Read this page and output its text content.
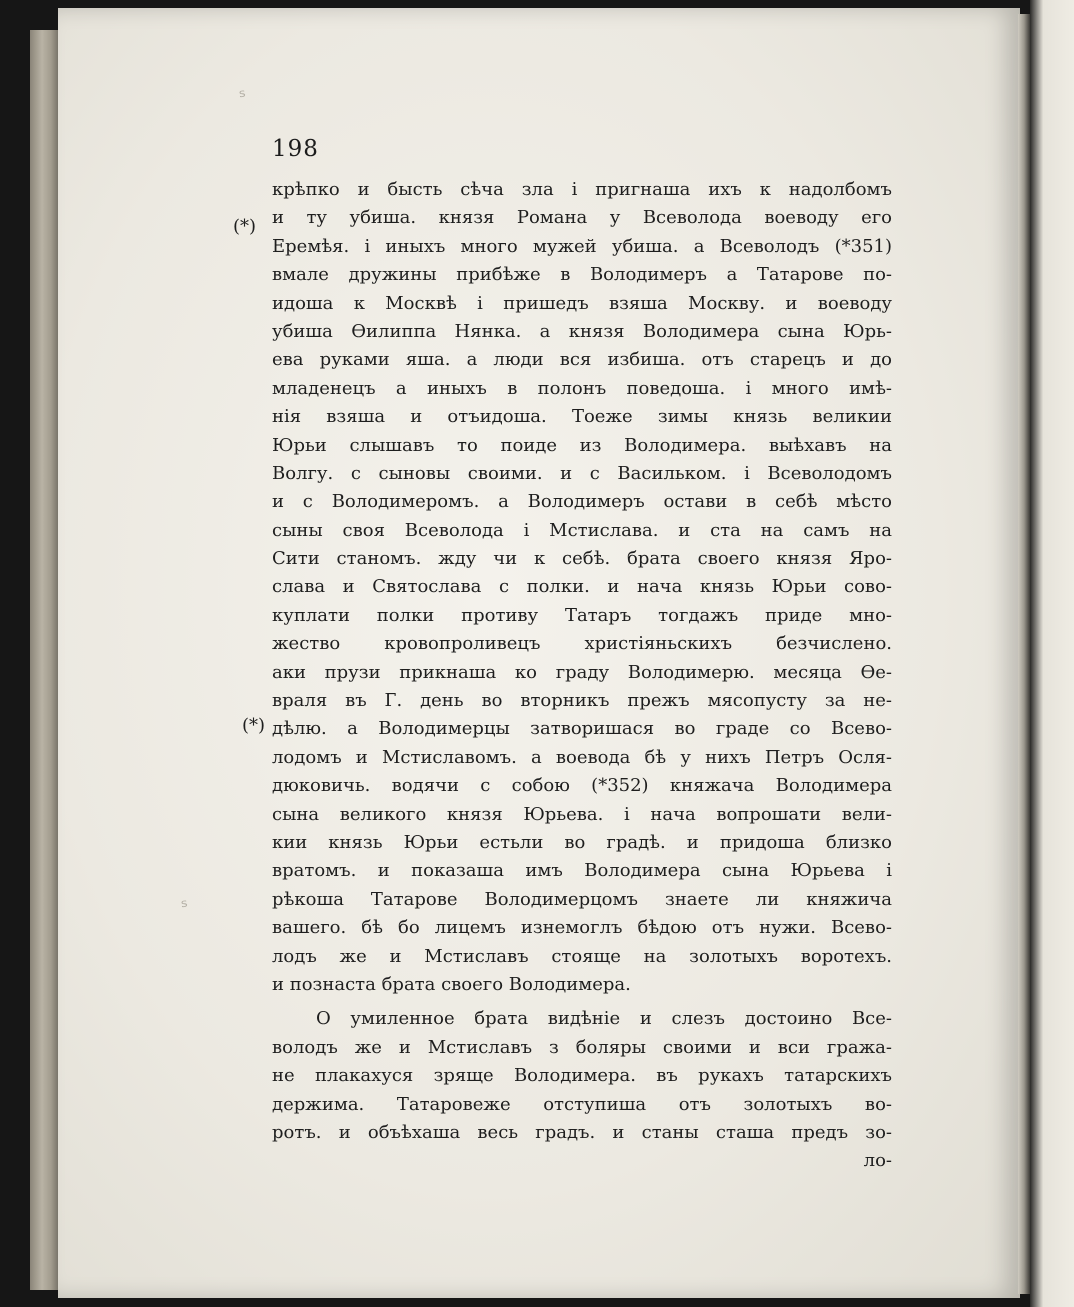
198
(*)
(*)
крѣпко и бысть сѣча зла і пригнаша ихъ к надолбомъ
и ту убиша. князя Романа у Всеволода воеводу его
Еремѣя. і иныхъ много мужей убиша. а Всеволодъ (*351)
вмале дружины прибѣже в Володимеръ а Татарове по-
идоша к Москвѣ і пришедъ взяша Москву. и воеводу
убиша Ѳилиппа Нянка. а князя Володимера сына Юрь-
ева руками яша. а люди вся избиша. отъ старецъ и до
младенецъ а иныхъ в полонъ поведоша. і много имѣ-
нія взяша и отъидоша. Тоеже зимы князь великии
Юрьи слышавъ то поиде из Володимера. выѣхавъ на
Волгу. с сыновы своими. и с Васильком. і Всеволодомъ
и с Володимеромъ. а Володимеръ остави в себѣ мѣсто
сыны своя Всеволода і Мстислава. и ста на самъ на
Сити станомъ. жду чи к себѣ. брата своего князя Яро-
слава и Святослава с полки. и нача князь Юрьи сово-
куплати полки противу Татаръ тогдажъ приде мно-
жество кровопроливецъ христіяньскихъ безчислено.
аки прузи прикнаша ко граду Володимерю. месяца Ѳе-
враля въ Г. день во вторникъ прежъ мясопусту за не-
дѣлю. а Володимерцы затворишася во граде со Всево-
лодомъ и Мстиславомъ. а воевода бѣ у нихъ Петръ Осля-
дюковичь. водячи с собою (*352) княжача Володимера
сына великого князя Юрьева. і нача вопрошати вели-
кии князь Юрьи естьли во градѣ. и придоша близко
вратомъ. и показаша имъ Володимера сына Юрьева і
рѣкоша Татарове Володимерцомъ знаете ли княжича
вашего. бѣ бо лицемъ изнемоглъ бѣдою отъ нужи. Всево-
лодъ же и Мстиславъ стояще на золотыхъ воротехъ.
и познаста брата своего Володимера.
О умиленное брата видѣніе и слезъ достоино Все-
володъ же и Мстиславъ з боляры своими и вси гражa-
не плакахуся зряще Володимера. въ рукахъ татарскихъ
держима. Татаровеже отступиша отъ золотыхъ во-
ротъ. и объѣхаша весь градъ. и станы сташа предъ зо-
ло-
ₛ
ₛ
